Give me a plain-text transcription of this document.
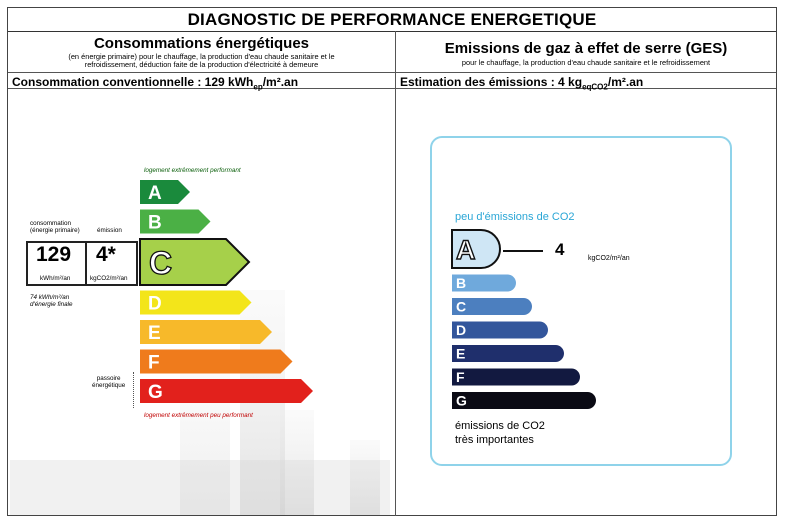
DIAGNOSTIC DE PERFORMANCE ENERGETIQUE
Consommations énergétiques
(en énergie primaire) pour le chauffage, la production d'eau chaude sanitaire et le
refroidissement, déduction faite de la production d'électricité à demeure
Consommation conventionnelle : 129 kWh$_{ep}$/m².an
Emissions de gaz à effet de serre (GES)
pour le chauffage, la production d'eau chaude sanitaire et le refroidissement
Estimation des émissions : 4 $kg_{eqCO2}/m^2.an$
logement extrêmement performant
logement extrêmement peu performant
A
B
C
D
E
F
G
consommation
(énergie primaire)	émission
129
kWh/m²/an
4*
kgCO2/m²/an
74 kWh/m²/an
d'énergie finale
passoire
énergétique
peu d'émissions de CO2
A
B
C
D
E
F
G
4	kgCO2/m²/an
émissions de CO2
très importantes
